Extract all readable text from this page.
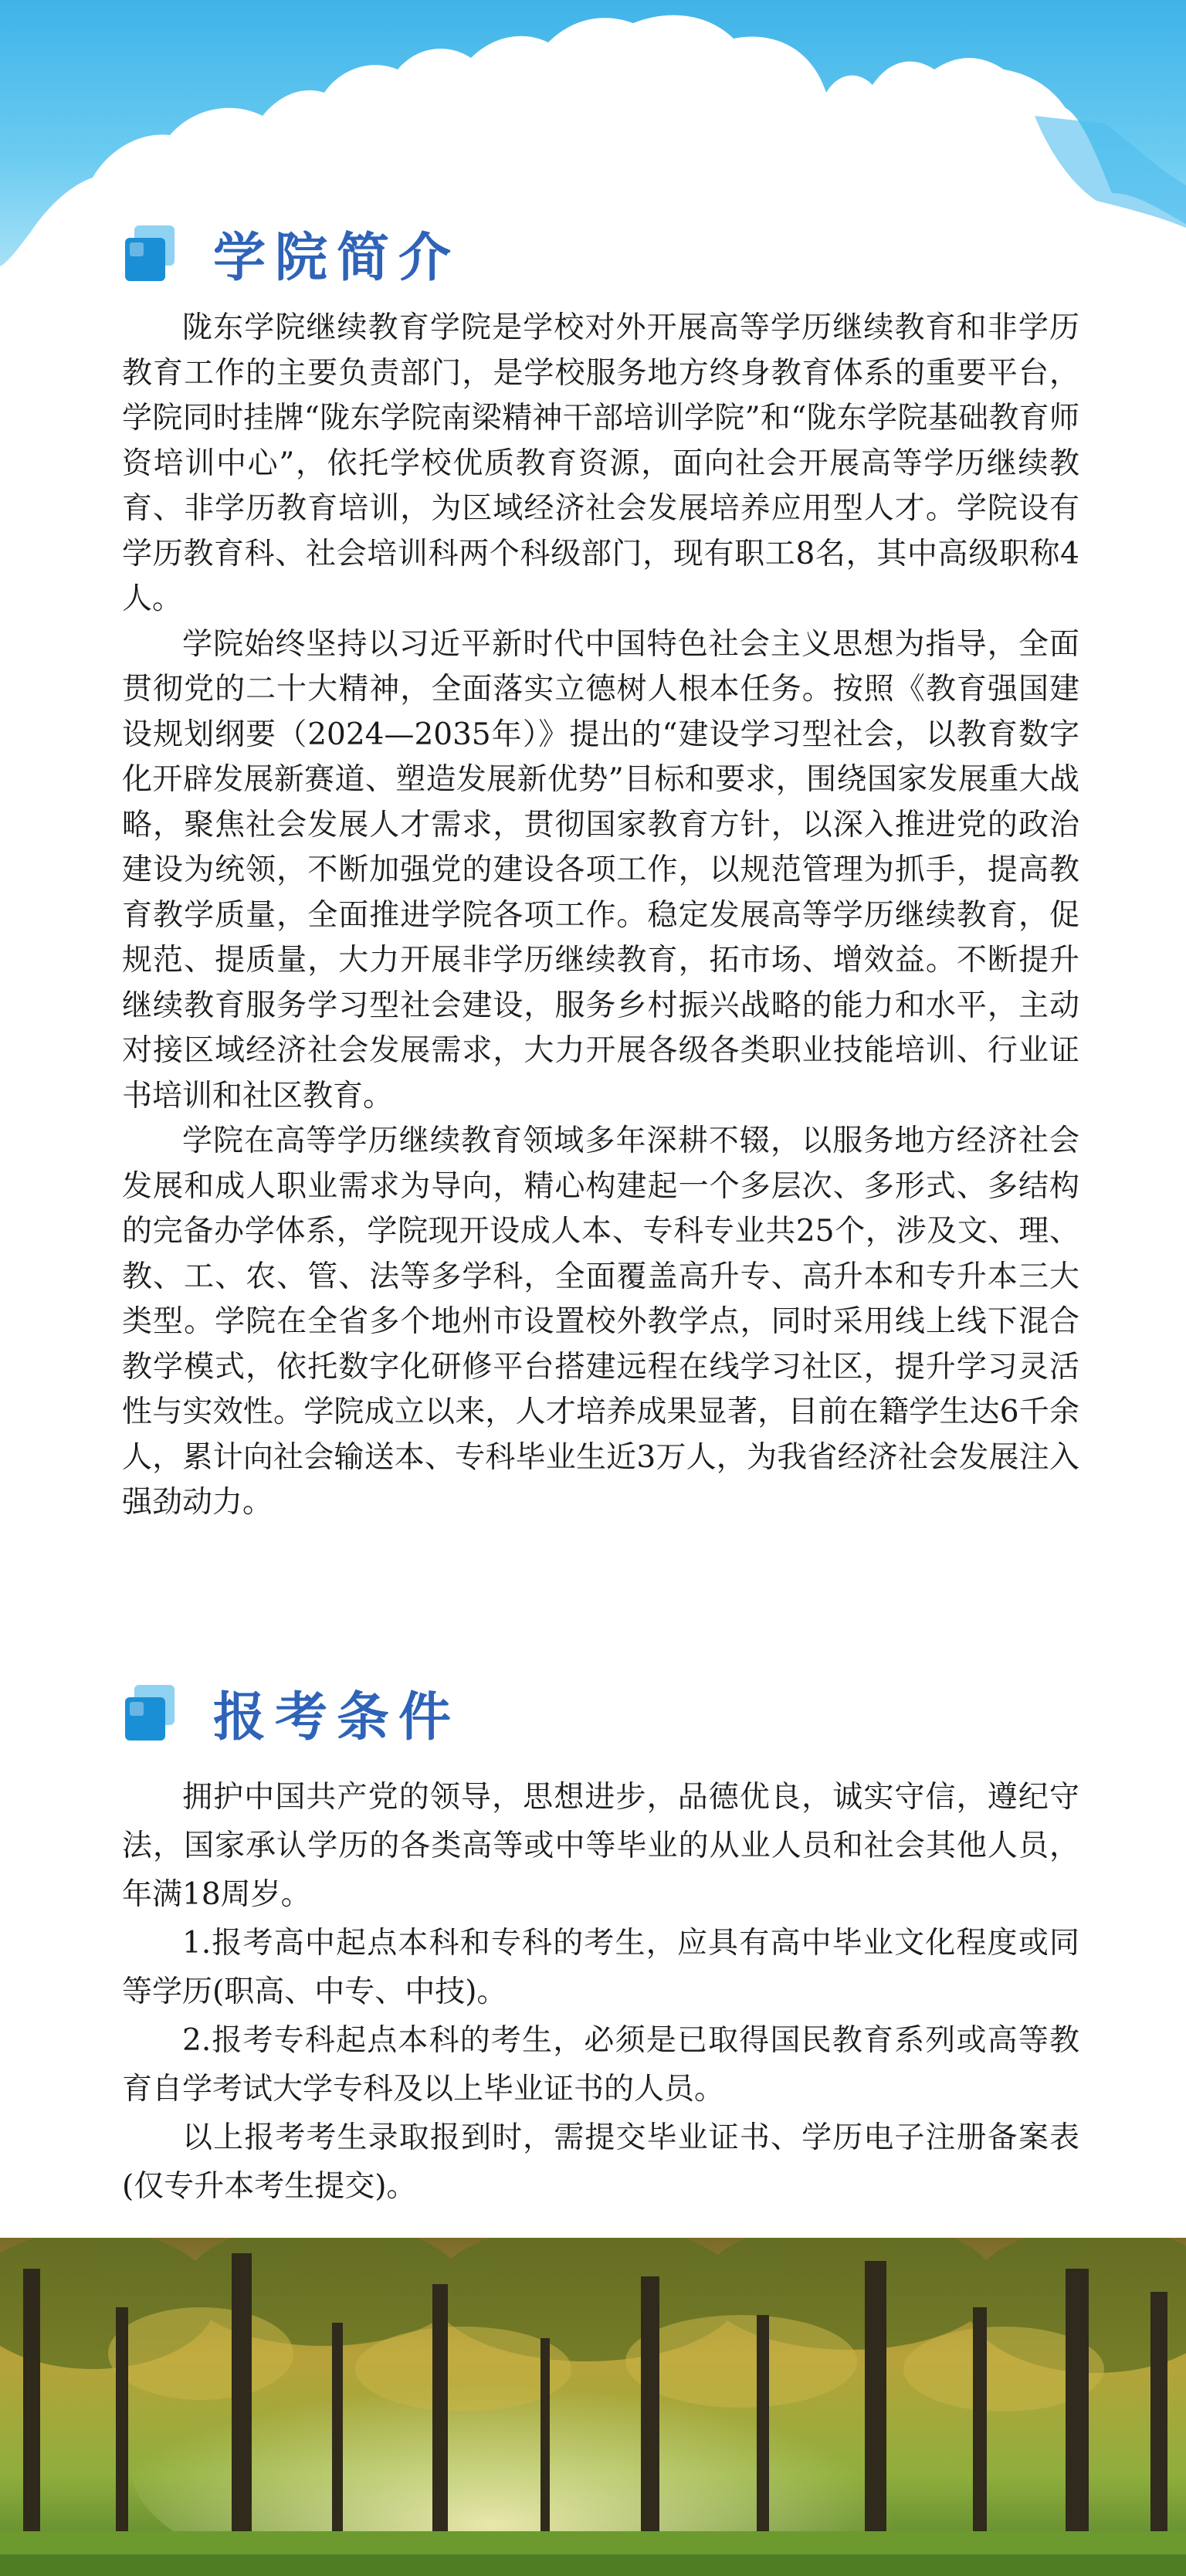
学院简介

陇东学院继续教育学院是学校对外开展高等学历继续教育和非学历教育工作的主要负责部门，是学校服务地方终身教育体系的重要平台，学院同时挂牌“陇东学院南梁精神干部培训学院”和“陇东学院基础教育师资培训中心”，依托学校优质教育资源，面向社会开展高等学历继续教育、非学历教育培训，为区域经济社会发展培养应用型人才。学院设有学历教育科、社会培训科两个科级部门，现有职工8名，其中高级职称4人。

学院始终坚持以习近平新时代中国特色社会主义思想为指导，全面贯彻党的二十大精神，全面落实立德树人根本任务。按照《教育强国建设规划纲要（2024—2035年）》提出的“建设学习型社会，以教育数字化开辟发展新赛道、塑造发展新优势”目标和要求，围绕国家发展重大战略，聚焦社会发展人才需求，贯彻国家教育方针，以深入推进党的政治建设为统领，不断加强党的建设各项工作，以规范管理为抓手，提高教育教学质量，全面推进学院各项工作。稳定发展高等学历继续教育，促规范、提质量，大力开展非学历继续教育，拓市场、增效益。不断提升继续教育服务学习型社会建设，服务乡村振兴战略的能力和水平，主动对接区域经济社会发展需求，大力开展各级各类职业技能培训、行业证书培训和社区教育。

学院在高等学历继续教育领域多年深耕不辍，以服务地方经济社会发展和成人职业需求为导向，精心构建起一个多层次、多形式、多结构的完备办学体系，学院现开设成人本、专科专业共25个，涉及文、理、教、工、农、管、法等多学科，全面覆盖高升专、高升本和专升本三大类型。学院在全省多个地州市设置校外教学点，同时采用线上线下混合教学模式，依托数字化研修平台搭建远程在线学习社区，提升学习灵活性与实效性。学院成立以来，人才培养成果显著，目前在籍学生达6千余人，累计向社会输送本、专科毕业生近3万人，为我省经济社会发展注入强劲动力。

报考条件

拥护中国共产党的领导，思想进步，品德优良，诚实守信，遵纪守法，国家承认学历的各类高等或中等毕业的从业人员和社会其他人员，年满18周岁。

1.报考高中起点本科和专科的考生，应具有高中毕业文化程度或同等学历(职高、中专、中技)。

2.报考专科起点本科的考生，必须是已取得国民教育系列或高等教育自学考试大学专科及以上毕业证书的人员。

以上报考考生录取报到时，需提交毕业证书、学历电子注册备案表(仅专升本考生提交)。
